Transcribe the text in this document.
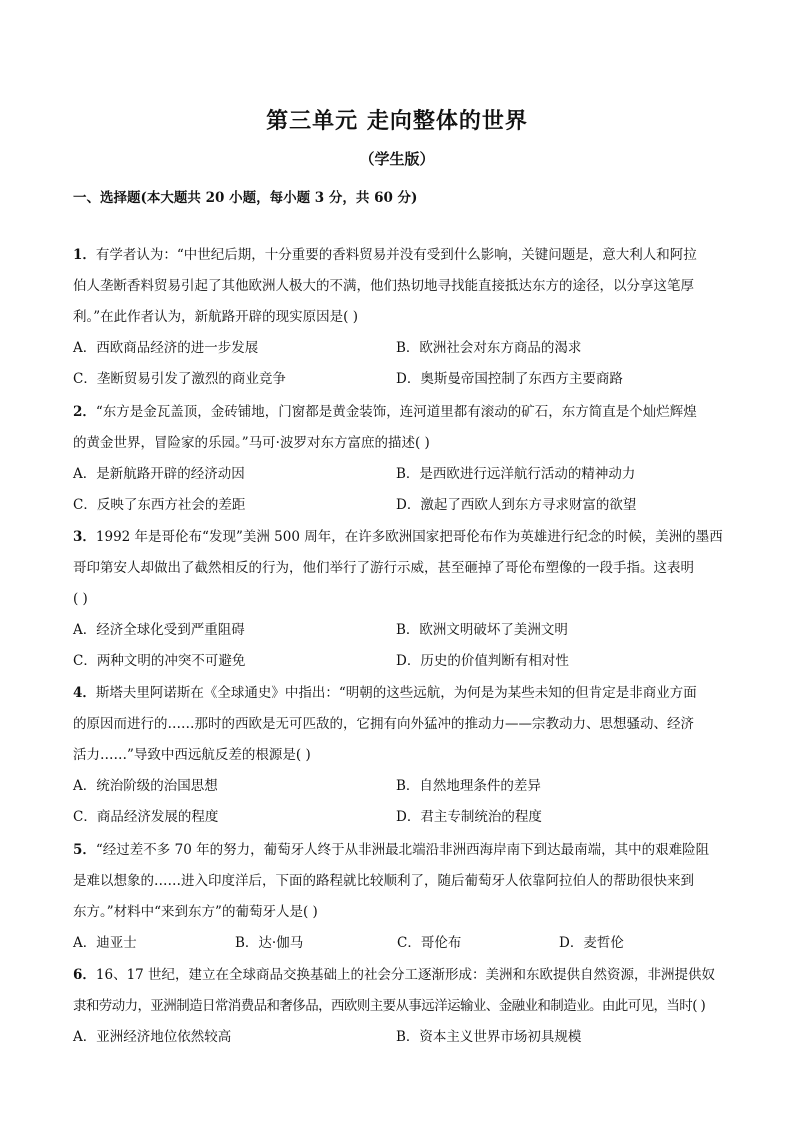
第三单元 走向整体的世界
（学生版）
一、选择题(本大题共 20 小题，每小题 3 分，共 60 分)
1．有学者认为：“中世纪后期，十分重要的香料贸易并没有受到什么影响，关键问题是，意大利人和阿拉
伯人垄断香料贸易引起了其他欧洲人极大的不满，他们热切地寻找能直接抵达东方的途径，以分享这笔厚
利。”在此作者认为，新航路开辟的现实原因是( )
A．西欧商品经济的进一步发展	B．欧洲社会对东方商品的渴求
C．垄断贸易引发了激烈的商业竞争	D．奥斯曼帝国控制了东西方主要商路
2．“东方是金瓦盖顶，金砖铺地，门窗都是黄金装饰，连河道里都有滚动的矿石，东方简直是个灿烂辉煌
的黄金世界，冒险家的乐园。”马可·波罗对东方富庶的描述( )
A．是新航路开辟的经济动因	B．是西欧进行远洋航行活动的精神动力
C．反映了东西方社会的差距	D．激起了西欧人到东方寻求财富的欲望
3．1992 年是哥伦布“发现”美洲 500 周年，在许多欧洲国家把哥伦布作为英雄进行纪念的时候，美洲的墨西
哥印第安人却做出了截然相反的行为，他们举行了游行示威，甚至砸掉了哥伦布塑像的一段手指。这表明
( )
A．经济全球化受到严重阻碍	B．欧洲文明破坏了美洲文明
C．两种文明的冲突不可避免	D．历史的价值判断有相对性
4．斯塔夫里阿诺斯在《全球通史》中指出：“明朝的这些远航，为何是为某些未知的但肯定是非商业方面
的原因而进行的……那时的西欧是无可匹敌的，它拥有向外猛冲的推动力——宗教动力、思想骚动、经济
活力……”导致中西远航反差的根源是( )
A．统治阶级的治国思想	B．自然地理条件的差异
C．商品经济发展的程度	D．君主专制统治的程度
5．“经过差不多 70 年的努力，葡萄牙人终于从非洲最北端沿非洲西海岸南下到达最南端，其中的艰难险阻
是难以想象的……进入印度洋后，下面的路程就比较顺利了，随后葡萄牙人依靠阿拉伯人的帮助很快来到
东方。”材料中“来到东方”的葡萄牙人是( )
A．迪亚士	B．达·伽马	C．哥伦布	D．麦哲伦
6．16、17 世纪，建立在全球商品交换基础上的社会分工逐渐形成：美洲和东欧提供自然资源，非洲提供奴
隶和劳动力，亚洲制造日常消费品和奢侈品，西欧则主要从事远洋运输业、金融业和制造业。由此可见，当时( )
A．亚洲经济地位依然较高	B．资本主义世界市场初具规模
